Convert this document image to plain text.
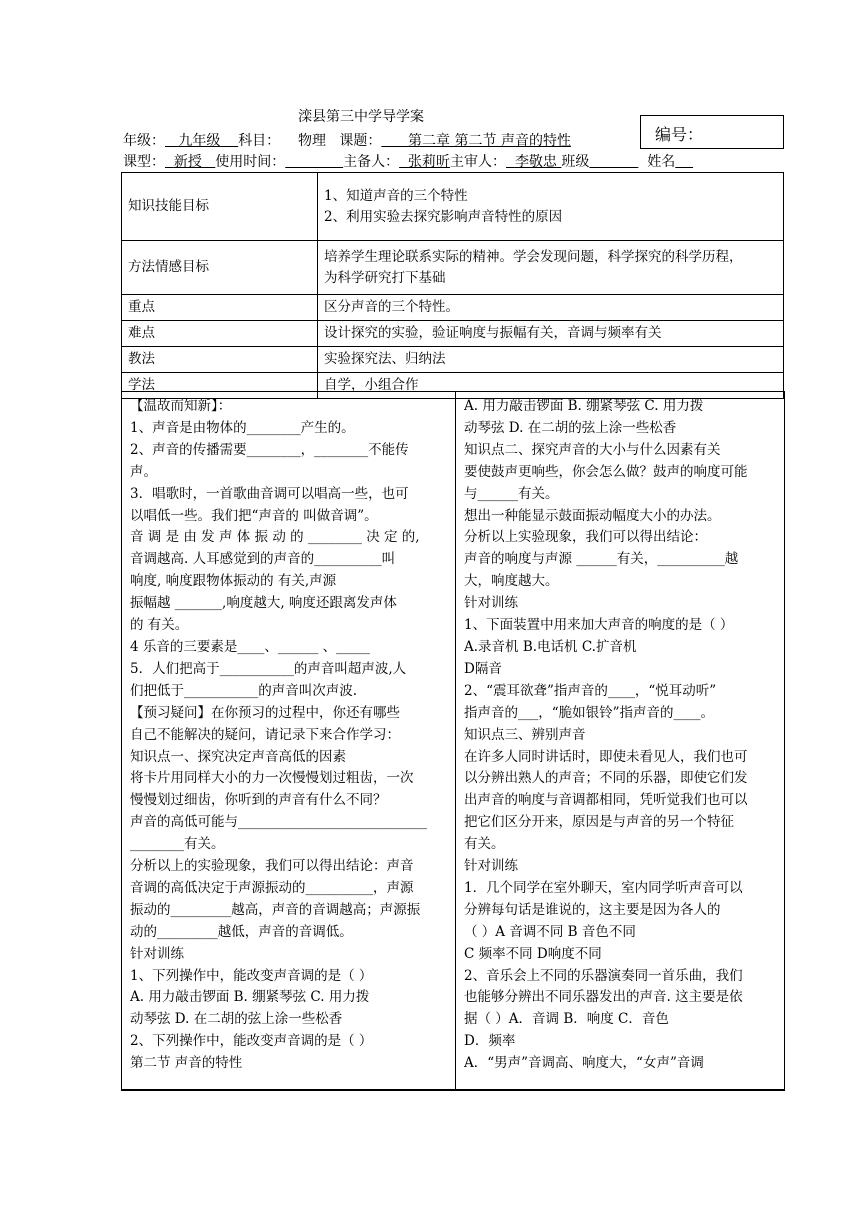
滦县第三中学导学案
编号：
年级： 九年级 科目： 物理 课题： 第二章 第二节 声音的特性
课型： 新授 使用时间：	主备人： 张莉昕主审人： 李敬忠 班级	姓名
知识技能目标	1、知道声音的三个特性
2、利用实验去探究影响声音特性的原因

方法情感目标	培养学生理论联系实际的精神。学会发现问题，科学探究的科学历程，
为科学研究打下基础

重点	区分声音的三个特性。
难点	设计探究的实验，验证响度与振幅有关，音调与频率有关
教法	实验探究法、归纳法
学法	自学，小组合作
【温故而知新】：
1、声音是由物体的________产生的。
2、声音的传播需要________，________不能传
声。
3．唱歌时，一首歌曲音调可以唱高一些，也可
以唱低一些。我们把“声音的 叫做音调”。
音 调 是 由 发 声 体 振 动 的 ________ 决 定 的,
音调越高. 人耳感觉到的声音的__________叫
响度, 响度跟物体振动的 有关,声源
振幅越 _______,响度越大, 响度还跟离发声体
的 有关。
4 乐音的三要素是____、______ 、_____
5．人们把高于___________的声音叫超声波,人
们把低于___________的声音叫次声波.
【预习疑问】在你预习的过程中，你还有哪些
自己不能解决的疑问，请记录下来合作学习：
知识点一、探究决定声音高低的因素
将卡片用同样大小的力一次慢慢划过粗齿，一次
慢慢划过细齿，你听到的声音有什么不同？
声音的高低可能与____________________________
________有关。
分析以上的实验现象，我们可以得出结论：声音
音调的高低决定于声源振动的__________，声源
振动的_________越高，声音的音调越高；声源振
动的_________越低，声音的音调低。
针对训练
1、下列操作中，能改变声音调的是（ ）
A. 用力敲击锣面 B. 绷紧琴弦 C. 用力拨
动琴弦 D. 在二胡的弦上涂一些松香
2、下列操作中，能改变声音调的是（ ）
第二节 声音的特性
A. 用力敲击锣面 B. 绷紧琴弦 C. 用力拨
动琴弦 D. 在二胡的弦上涂一些松香
知识点二、探究声音的大小与什么因素有关
要使鼓声更响些，你会怎么做？鼓声的响度可能
与______有关。
想出一种能显示鼓面振动幅度大小的办法。
分析以上实验现象，我们可以得出结论：
声音的响度与声源 ______有关，__________越
大，响度越大。
针对训练
1、下面装置中用来加大声音的响度的是（ ）
A.录音机 B.电话机 C.扩音机
D隔音
2、“震耳欲聋”指声音的____，“悦耳动听”
指声音的___，“脆如银铃”指声音的____。
知识点三、辨别声音
在许多人同时讲话时，即使未看见人，我们也可
以分辨出熟人的声音；不同的乐器，即使它们发
出声音的响度与音调都相同，凭听觉我们也可以
把它们区分开来，原因是与声音的另一个特征
有关。
针对训练
1．几个同学在室外聊天，室内同学听声音可以
分辨每句话是谁说的，这主要是因为各人的
（ ）A 音调不同 B 音色不同
C 频率不同 D响度不同
2、音乐会上不同的乐器演奏同一首乐曲，我们
也能够分辨出不同乐器发出的声音. 这主要是依
据（ ）A．音调 B．响度 C．音色
D．频率
A．“男声”音调高、响度大，“女声”音调
